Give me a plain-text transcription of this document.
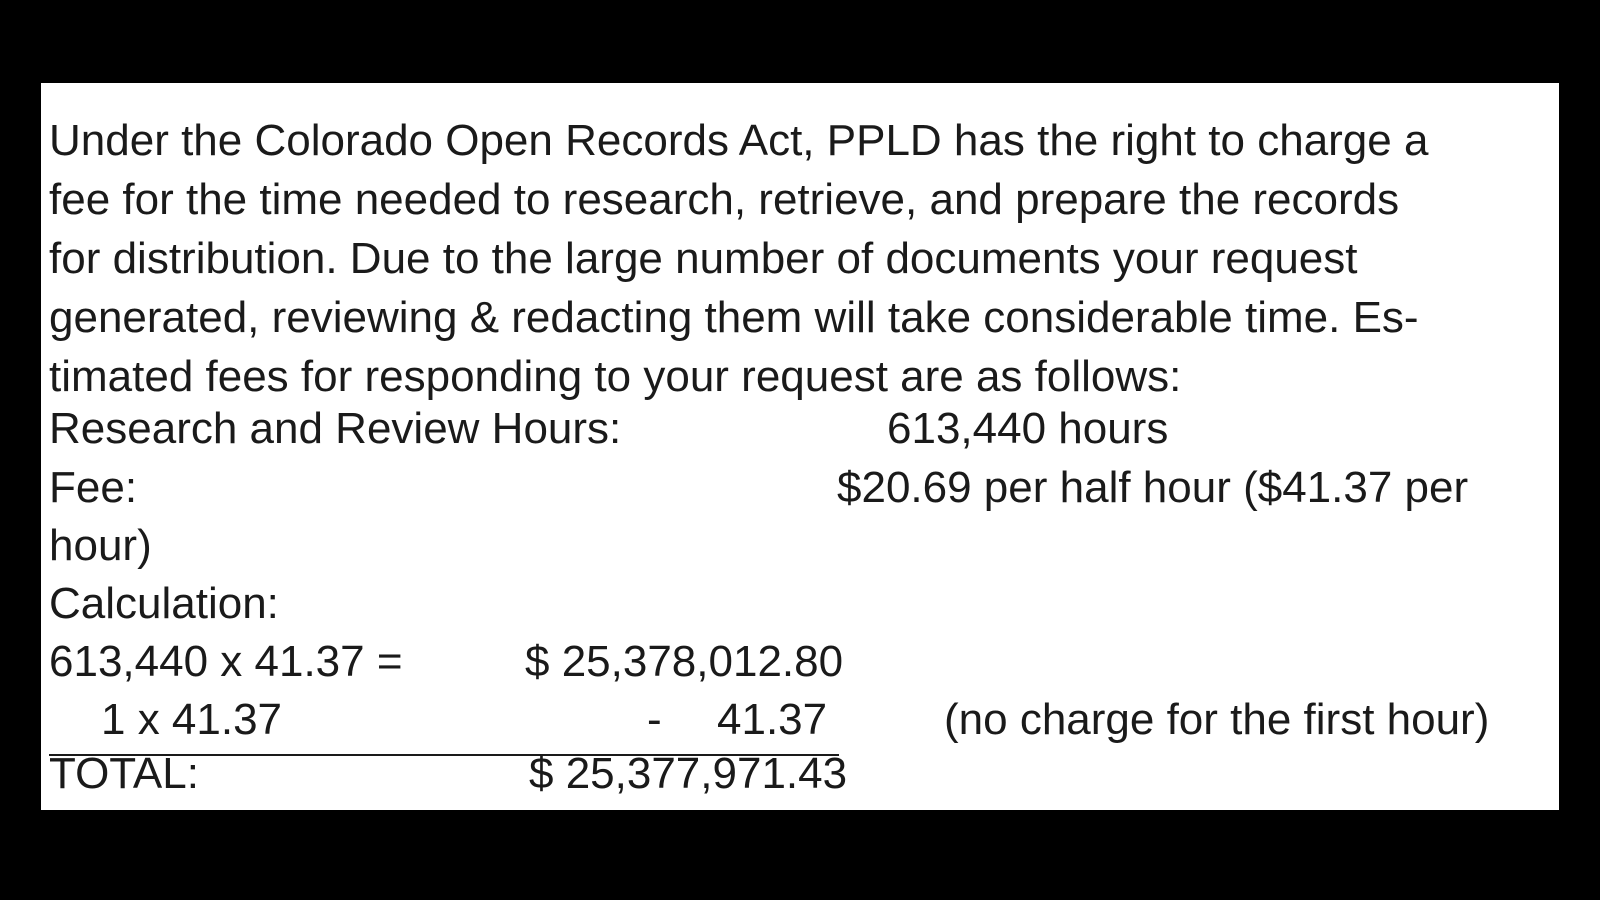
Under the Colorado Open Records Act, PPLD has the right to charge a
fee for the time needed to research, retrieve, and prepare the records
for distribution. Due to the large number of documents your request
generated, reviewing & redacting them will take considerable time. Es-
timated fees for responding to your request are as follows:
Research and Review Hours:	613,440 hours
Fee:	$20.69 per half hour ($41.37 per
hour)
Calculation:
613,440 x 41.37 =	$ 25,378,012.80
1 x 41.37	- 41.37	(no charge for the first hour)
TOTAL:	$ 25,377,971.43
